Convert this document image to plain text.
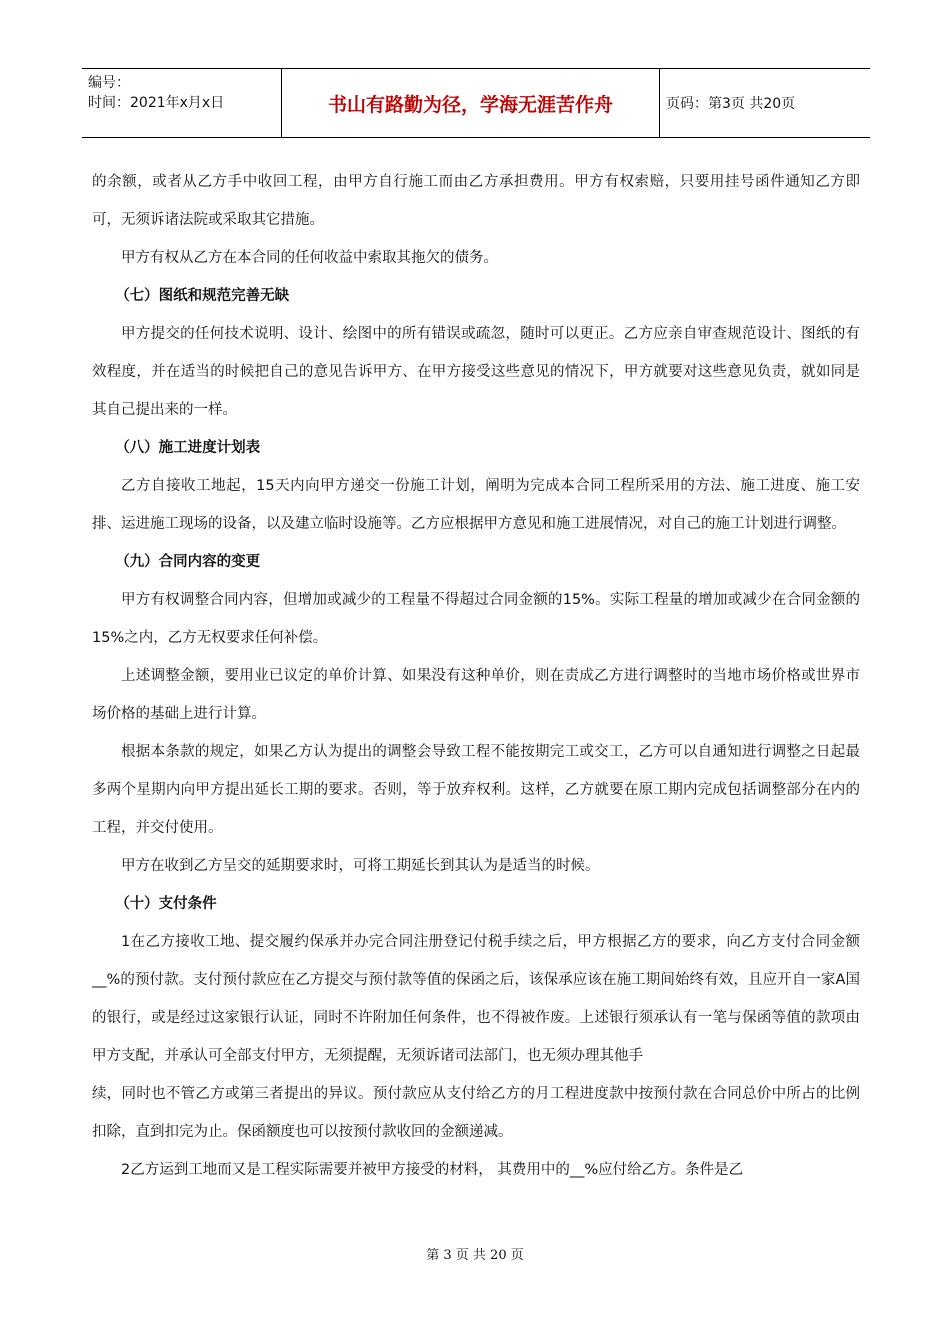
编号：
时间：2021年x月x日	书山有路勤为径，学海无涯苦作舟	页码：第3页 共20页

的余额，或者从乙方手中收回工程，由甲方自行施工而由乙方承担费用。甲方有权索赔，只要用挂号函件通知乙方即可，无须诉诸法院或采取其它措施。

甲方有权从乙方在本合同的任何收益中索取其拖欠的债务。

（七）图纸和规范完善无缺

甲方提交的任何技术说明、设计、绘图中的所有错误或疏忽，随时可以更正。乙方应亲自审查规范设计、图纸的有效程度，并在适当的时候把自己的意见告诉甲方、在甲方接受这些意见的情况下，甲方就要对这些意见负责，就如同是其自己提出来的一样。

（八）施工进度计划表

乙方自接收工地起，15天内向甲方递交一份施工计划，阐明为完成本合同工程所采用的方法、施工进度、施工安排、运进施工现场的设备，以及建立临时设施等。乙方应根据甲方意见和施工进展情况，对自己的施工计划进行调整。

（九）合同内容的变更

甲方有权调整合同内容，但增加或减少的工程量不得超过合同金额的15%。实际工程量的增加或减少在合同金额的15%之内，乙方无权要求任何补偿。

上述调整金额，要用业已议定的单价计算、如果没有这种单价，则在责成乙方进行调整时的当地市场价格或世界市场价格的基础上进行计算。

根据本条款的规定，如果乙方认为提出的调整会导致工程不能按期完工或交工，乙方可以自通知进行调整之日起最多两个星期内向甲方提出延长工期的要求。否则，等于放弃权利。这样，乙方就要在原工期内完成包括调整部分在内的工程，并交付使用。

甲方在收到乙方呈交的延期要求时，可将工期延长到其认为是适当的时候。

（十）支付条件

1在乙方接收工地、提交履约保承并办完合同注册登记付税手续之后，甲方根据乙方的要求，向乙方支付合同金额__%的预付款。支付预付款应在乙方提交与预付款等值的保函之后，该保承应该在施工期间始终有效，且应开自一家A国的银行，或是经过这家银行认证，同时不许附加任何条件，也不得被作废。上述银行须承认有一笔与保函等值的款项由甲方支配，并承认可全部支付甲方，无须提醒，无须诉诸司法部门，也无须办理其他手

续，同时也不管乙方或第三者提出的异议。预付款应从支付给乙方的月工程进度款中按预付款在合同总价中所占的比例扣除，直到扣完为止。保函额度也可以按预付款收回的金额递减。

2乙方运到工地而又是工程实际需要并被甲方接受的材料， 其费用中的__%应付给乙方。条件是乙

第 3 页 共 20 页
